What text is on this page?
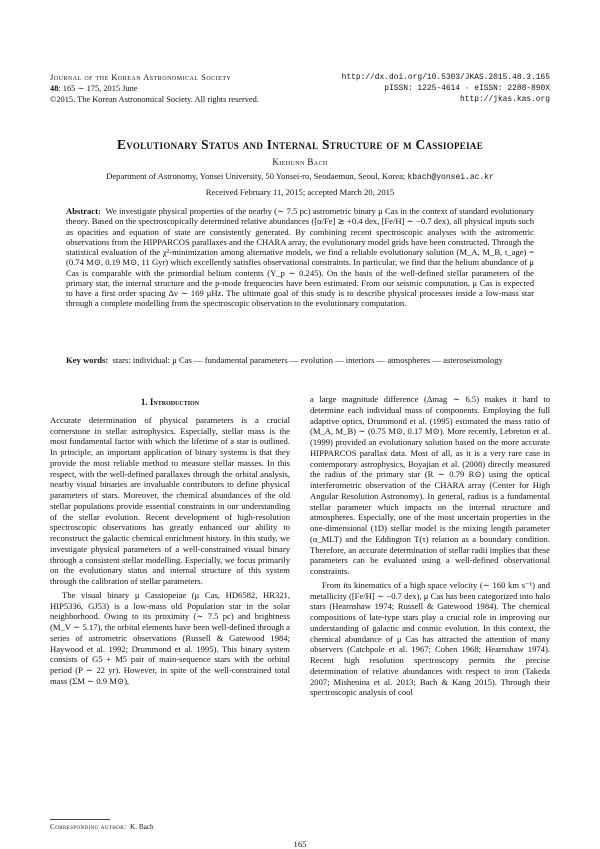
Journal of the Korean Astronomical Society
48: 165 ∼ 175, 2015 June
©2015. The Korean Astronomical Society. All rights reserved.
http://dx.doi.org/10.5303/JKAS.2015.48.3.165
pISSN: 1225-4614 · eISSN: 2288-890X
http://jkas.kas.org
Evolutionary Status and Internal Structure of μ Cassiopeiae
Kiehunn Bach
Department of Astronomy, Yonsei University, 50 Yonsei-ro, Seodaemun, Seoul, Korea; kbach@yonsei.ac.kr
Received February 11, 2015; accepted March 20, 2015
Abstract: We investigate physical properties of the nearby (∼ 7.5 pc) astrometric binary μ Cas in the context of standard evolutionary theory. Based on the spectroscopically determined relative abundances ([α/Fe] ≳ +0.4 dex, [Fe/H] ∼ −0.7 dex), all physical inputs such as opacities and equation of state are consistently generated. By combining recent spectroscopic analyses with the astrometric observations from the HIPPARCOS parallaxes and the CHARA array, the evolutionary model grids have been constructed. Through the statistical evaluation of the χ²-minimization among alternative models, we find a reliable evolutionary solution (M_A, M_B, t_age) = (0.74 M⊙, 0.19 M⊙, 11 Gyr) which excellently satisfies observational constraints. In particular, we find that the helium abundance of μ Cas is comparable with the primordial helium contents (Y_p ∼ 0.245). On the basis of the well-defined stellar parameters of the primary star, the internal structure and the p-mode frequencies have been estimated. From our seismic computation, μ Cas is expected to have a first order spacing Δν ∼ 169 μHz. The ultimate goal of this study is to describe physical processes inside a low-mass star through a complete modelling from the spectroscopic observation to the evolutionary computation.
Key words: stars: individual: μ Cas — fundamental parameters — evolution — interiors — atmospheres — asteroseismology
1. Introduction

Accurate determination of physical parameters is a crucial cornerstone in stellar astrophysics. Especially, stellar mass is the most fundamental factor with which the lifetime of a star is outlined. In principle, an important application of binary systems is that they provide the most reliable method to measure stellar masses. In this respect, with the well-defined parallaxes through the orbital analysis, nearby visual binaries are invaluable contributors to define physical parameters of stars. Moreover, the chemical abundances of the old stellar populations provide essential constraints in our understanding of the stellar evolution. Recent development of high-resolution spectroscopic observations has greatly enhanced our ability to reconstruct the galactic chemical enrichment history. In this study, we investigate physical parameters of a well-constrained visual binary through a consistent stellar modelling. Especially, we focus primarily on the evolutionary status and internal structure of this system through the calibration of stellar parameters.

The visual binary μ Cassiopeiae (μ Cas, HD6582, HR321, HIP5336, GJ53) is a low-mass old Population star in the solar neighborhood. Owing to its proximity (∼ 7.5 pc) and brightness (M_V ∼ 5.17), the orbital elements have been well-defined through a series of astrometric observations (Russell & Gatewood 1984; Haywood et al. 1992; Drummond et al. 1995). This binary system consists of G5 + M5 pair of main-sequence stars with the orbital period (P ∼ 22 yr). However, in spite of the well-constrained total mass (ΣM ∼ 0.9 M⊙),

a large magnitude difference (Δmag ∼ 6.5) makes it hard to determine each individual mass of components. Employing the full adaptive optics, Drummond et al. (1995) estimated the mass ratio of (M_A, M_B) ∼ (0.75 M⊙, 0.17 M⊙). More recently, Lebreton et al. (1999) provided an evolutionary solution based on the more accurate HIPPARCOS parallax data. Most of all, as it is a very rare case in contemporary astrophysics, Boyajian et al. (2008) directly measured the radius of the primary star (R ∼ 0.79 R⊙) using the optical interferometric observation of the CHARA array (Center for High Angular Resolution Astronomy). In general, radius is a fundamental stellar parameter which impacts on the internal structure and atmospheres. Especially, one of the most uncertain properties in the one-dimensional (1D) stellar model is the mixing length parameter (α_MLT) and the Eddington T(τ) relation as a boundary condition. Therefore, an accurate determination of stellar radii implies that these parameters can be evaluated using a well-defined observational constraints.

From its kinematics of a high space velocity (∼ 160 km s⁻¹) and metallicity ([Fe/H] ∼ −0.7 dex), μ Cas has been categorized into halo stars (Hearnshaw 1974; Russell & Gatewood 1984). The chemical compositions of late-type stars play a crucial role in improving our understanding of galactic and cosmic evolution. In this context, the chemical abundance of μ Cas has attracted the attention of many observers (Catchpole et al. 1967; Cohen 1968; Hearnshaw 1974). Recent high resolution spectroscopy permits the precise determination of relative abundances with respect to iron (Takeda 2007; Mishenina et al. 2013; Bach & Kang 2015). Through their spectroscopic analysis of cool

Corresponding author: K. Bach
165
